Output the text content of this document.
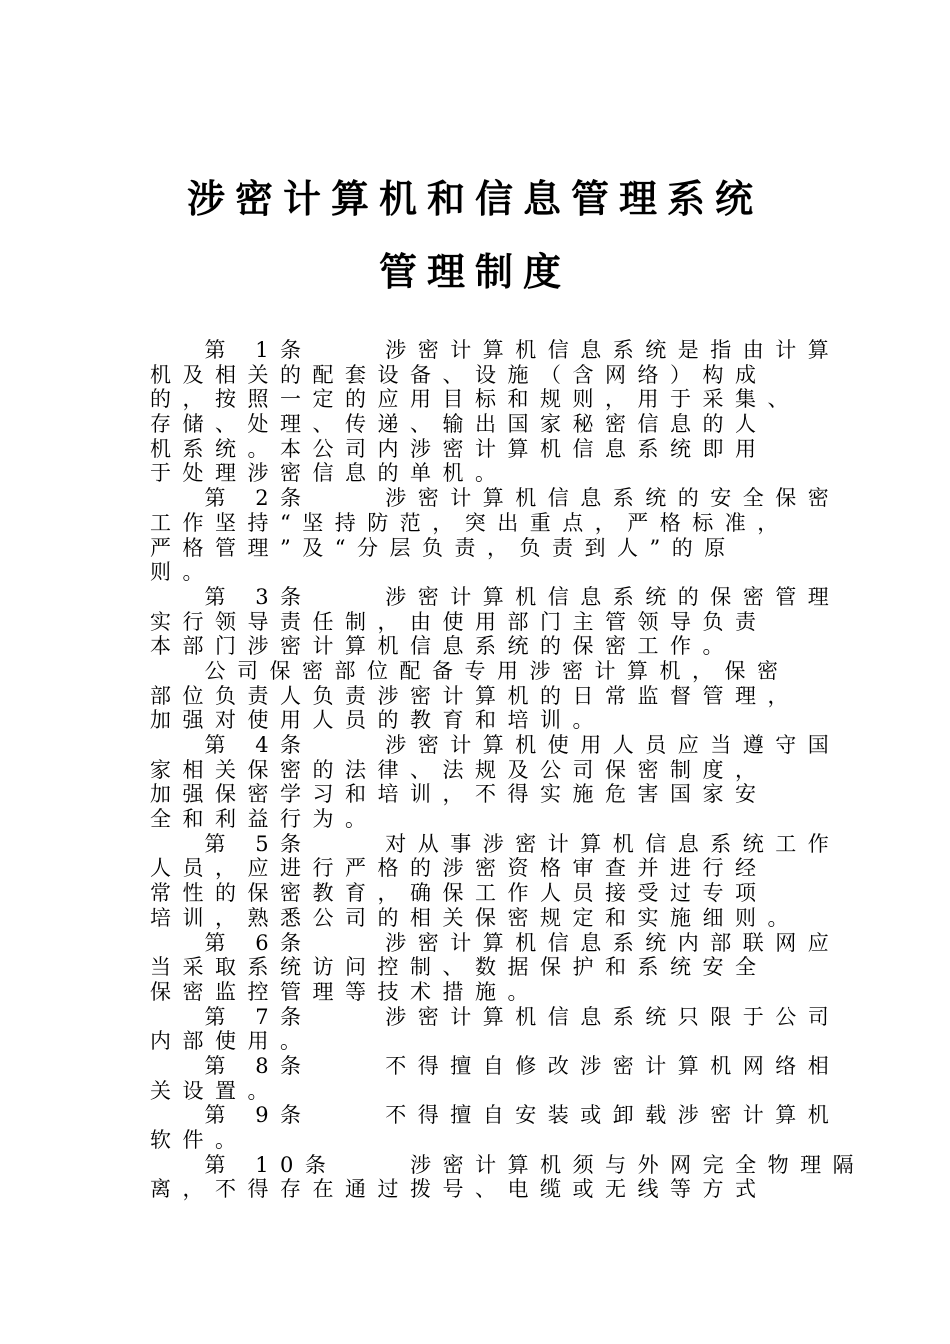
涉密计算机和信息管理系统
管理制度
第 1条    涉密计算机信息系统是指由计算
机及相关的配套设备、设施（含网络）构成
的，按照一定的应用目标和规则，用于采集、
存储、处理、传递、输出国家秘密信息的人
机系统。本公司内涉密计算机信息系统即用
于处理涉密信息的单机。
第 2条    涉密计算机信息系统的安全保密
工作坚持“坚持防范，突出重点，严格标准，
严格管理”及“分层负责，负责到人”的原
则。
第 3条    涉密计算机信息系统的保密管理
实行领导责任制，由使用部门主管领导负责
本部门涉密计算机信息系统的保密工作。
公司保密部位配备专用涉密计算机，保密
部位负责人负责涉密计算机的日常监督管理，
加强对使用人员的教育和培训。
第 4条    涉密计算机使用人员应当遵守国
家相关保密的法律、法规及公司保密制度，
加强保密学习和培训，不得实施危害国家安
全和利益行为。
第 5条    对从事涉密计算机信息系统工作
人员，应进行严格的涉密资格审查并进行经
常性的保密教育，确保工作人员接受过专项
培训，熟悉公司的相关保密规定和实施细则。
第 6条    涉密计算机信息系统内部联网应
当采取系统访问控制、数据保护和系统安全
保密监控管理等技术措施。
第 7条    涉密计算机信息系统只限于公司
内部使用。
第 8条    不得擅自修改涉密计算机网络相
关设置。
第 9条    不得擅自安装或卸载涉密计算机
软件。
第 10条    涉密计算机须与外网完全物理隔
离，不得存在通过拨号、电缆或无线等方式
